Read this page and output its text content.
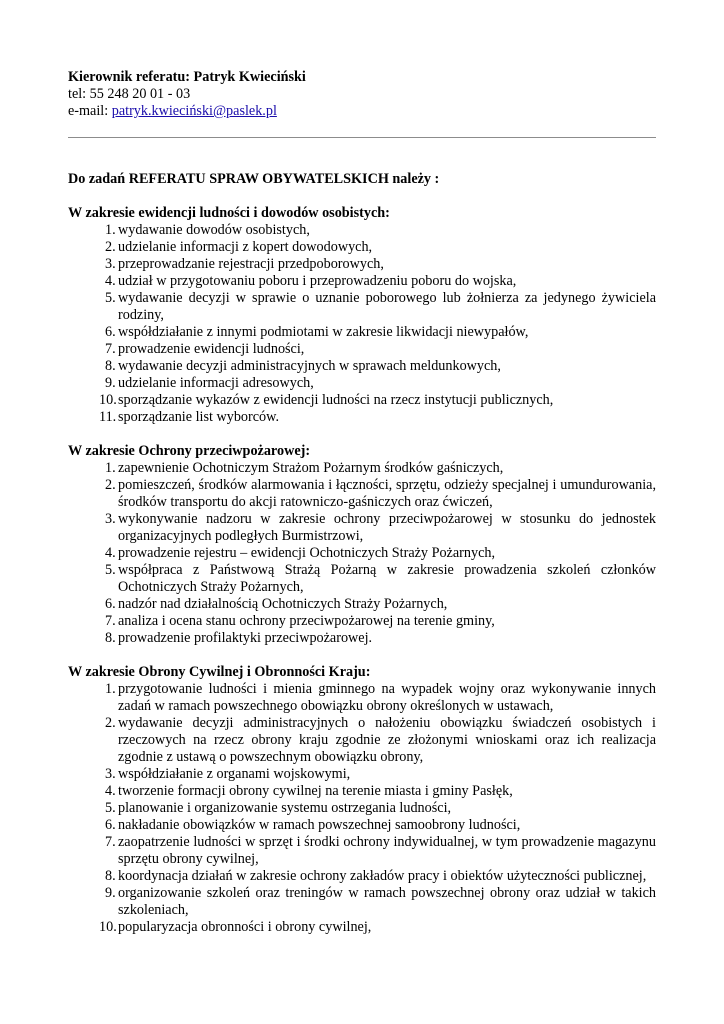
Kierownik referatu: Patryk Kwieciński
tel: 55 248 20 01 - 03
e-mail: patryk.kwieciński@paslek.pl
Do zadań REFERATU SPRAW OBYWATELSKICH należy :
W zakresie ewidencji ludności i dowodów osobistych:
1. wydawanie dowodów osobistych,
2. udzielanie informacji z kopert dowodowych,
3. przeprowadzanie rejestracji przedpoborowych,
4. udział w przygotowaniu poboru i przeprowadzeniu poboru do wojska,
5. wydawanie decyzji w sprawie o uznanie poborowego lub żołnierza za jedynego żywiciela rodziny,
6. współdziałanie z innymi podmiotami w zakresie likwidacji niewypałów,
7. prowadzenie ewidencji ludności,
8. wydawanie decyzji administracyjnych w sprawach meldunkowych,
9. udzielanie informacji adresowych,
10. sporządzanie wykazów z ewidencji ludności na rzecz instytucji publicznych,
11. sporządzanie list wyborców.
W zakresie Ochrony przeciwpożarowej:
1. zapewnienie Ochotniczym Strażom Pożarnym środków gaśniczych,
2. pomieszczeń, środków alarmowania i łączności, sprzętu, odzieży specjalnej i umundurowania, środków transportu do akcji ratowniczo-gaśniczych oraz ćwiczeń,
3. wykonywanie nadzoru w zakresie ochrony przeciwpożarowej w stosunku do jednostek organizacyjnych podległych Burmistrzowi,
4. prowadzenie rejestru – ewidencji Ochotniczych Straży Pożarnych,
5. współpraca z Państwową Strażą Pożarną w zakresie prowadzenia szkoleń członków Ochotniczych Straży Pożarnych,
6. nadzór nad działalnością Ochotniczych Straży Pożarnych,
7. analiza i ocena stanu ochrony przeciwpożarowej na terenie gminy,
8. prowadzenie profilaktyki przeciwpożarowej.
W zakresie Obrony Cywilnej i Obronności Kraju:
1. przygotowanie ludności i mienia gminnego na wypadek wojny oraz wykonywanie innych zadań w ramach powszechnego obowiązku obrony określonych w ustawach,
2. wydawanie decyzji administracyjnych o nałożeniu obowiązku świadczeń osobistych i rzeczowych na rzecz obrony kraju zgodnie ze złożonymi wnioskami oraz ich realizacja zgodnie z ustawą o powszechnym obowiązku obrony,
3. współdziałanie z organami wojskowymi,
4. tworzenie formacji obrony cywilnej na terenie miasta i gminy Pasłęk,
5. planowanie i organizowanie systemu ostrzegania ludności,
6. nakładanie obowiązków w ramach powszechnej samoobrony ludności,
7. zaopatrzenie ludności w sprzęt i środki ochrony indywidualnej, w tym prowadzenie magazynu sprzętu obrony cywilnej,
8. koordynacja działań w zakresie ochrony zakładów pracy i obiektów użyteczności publicznej,
9. organizowanie szkoleń oraz treningów w ramach powszechnej obrony oraz udział w takich szkoleniach,
10. popularyzacja obronności i obrony cywilnej,
